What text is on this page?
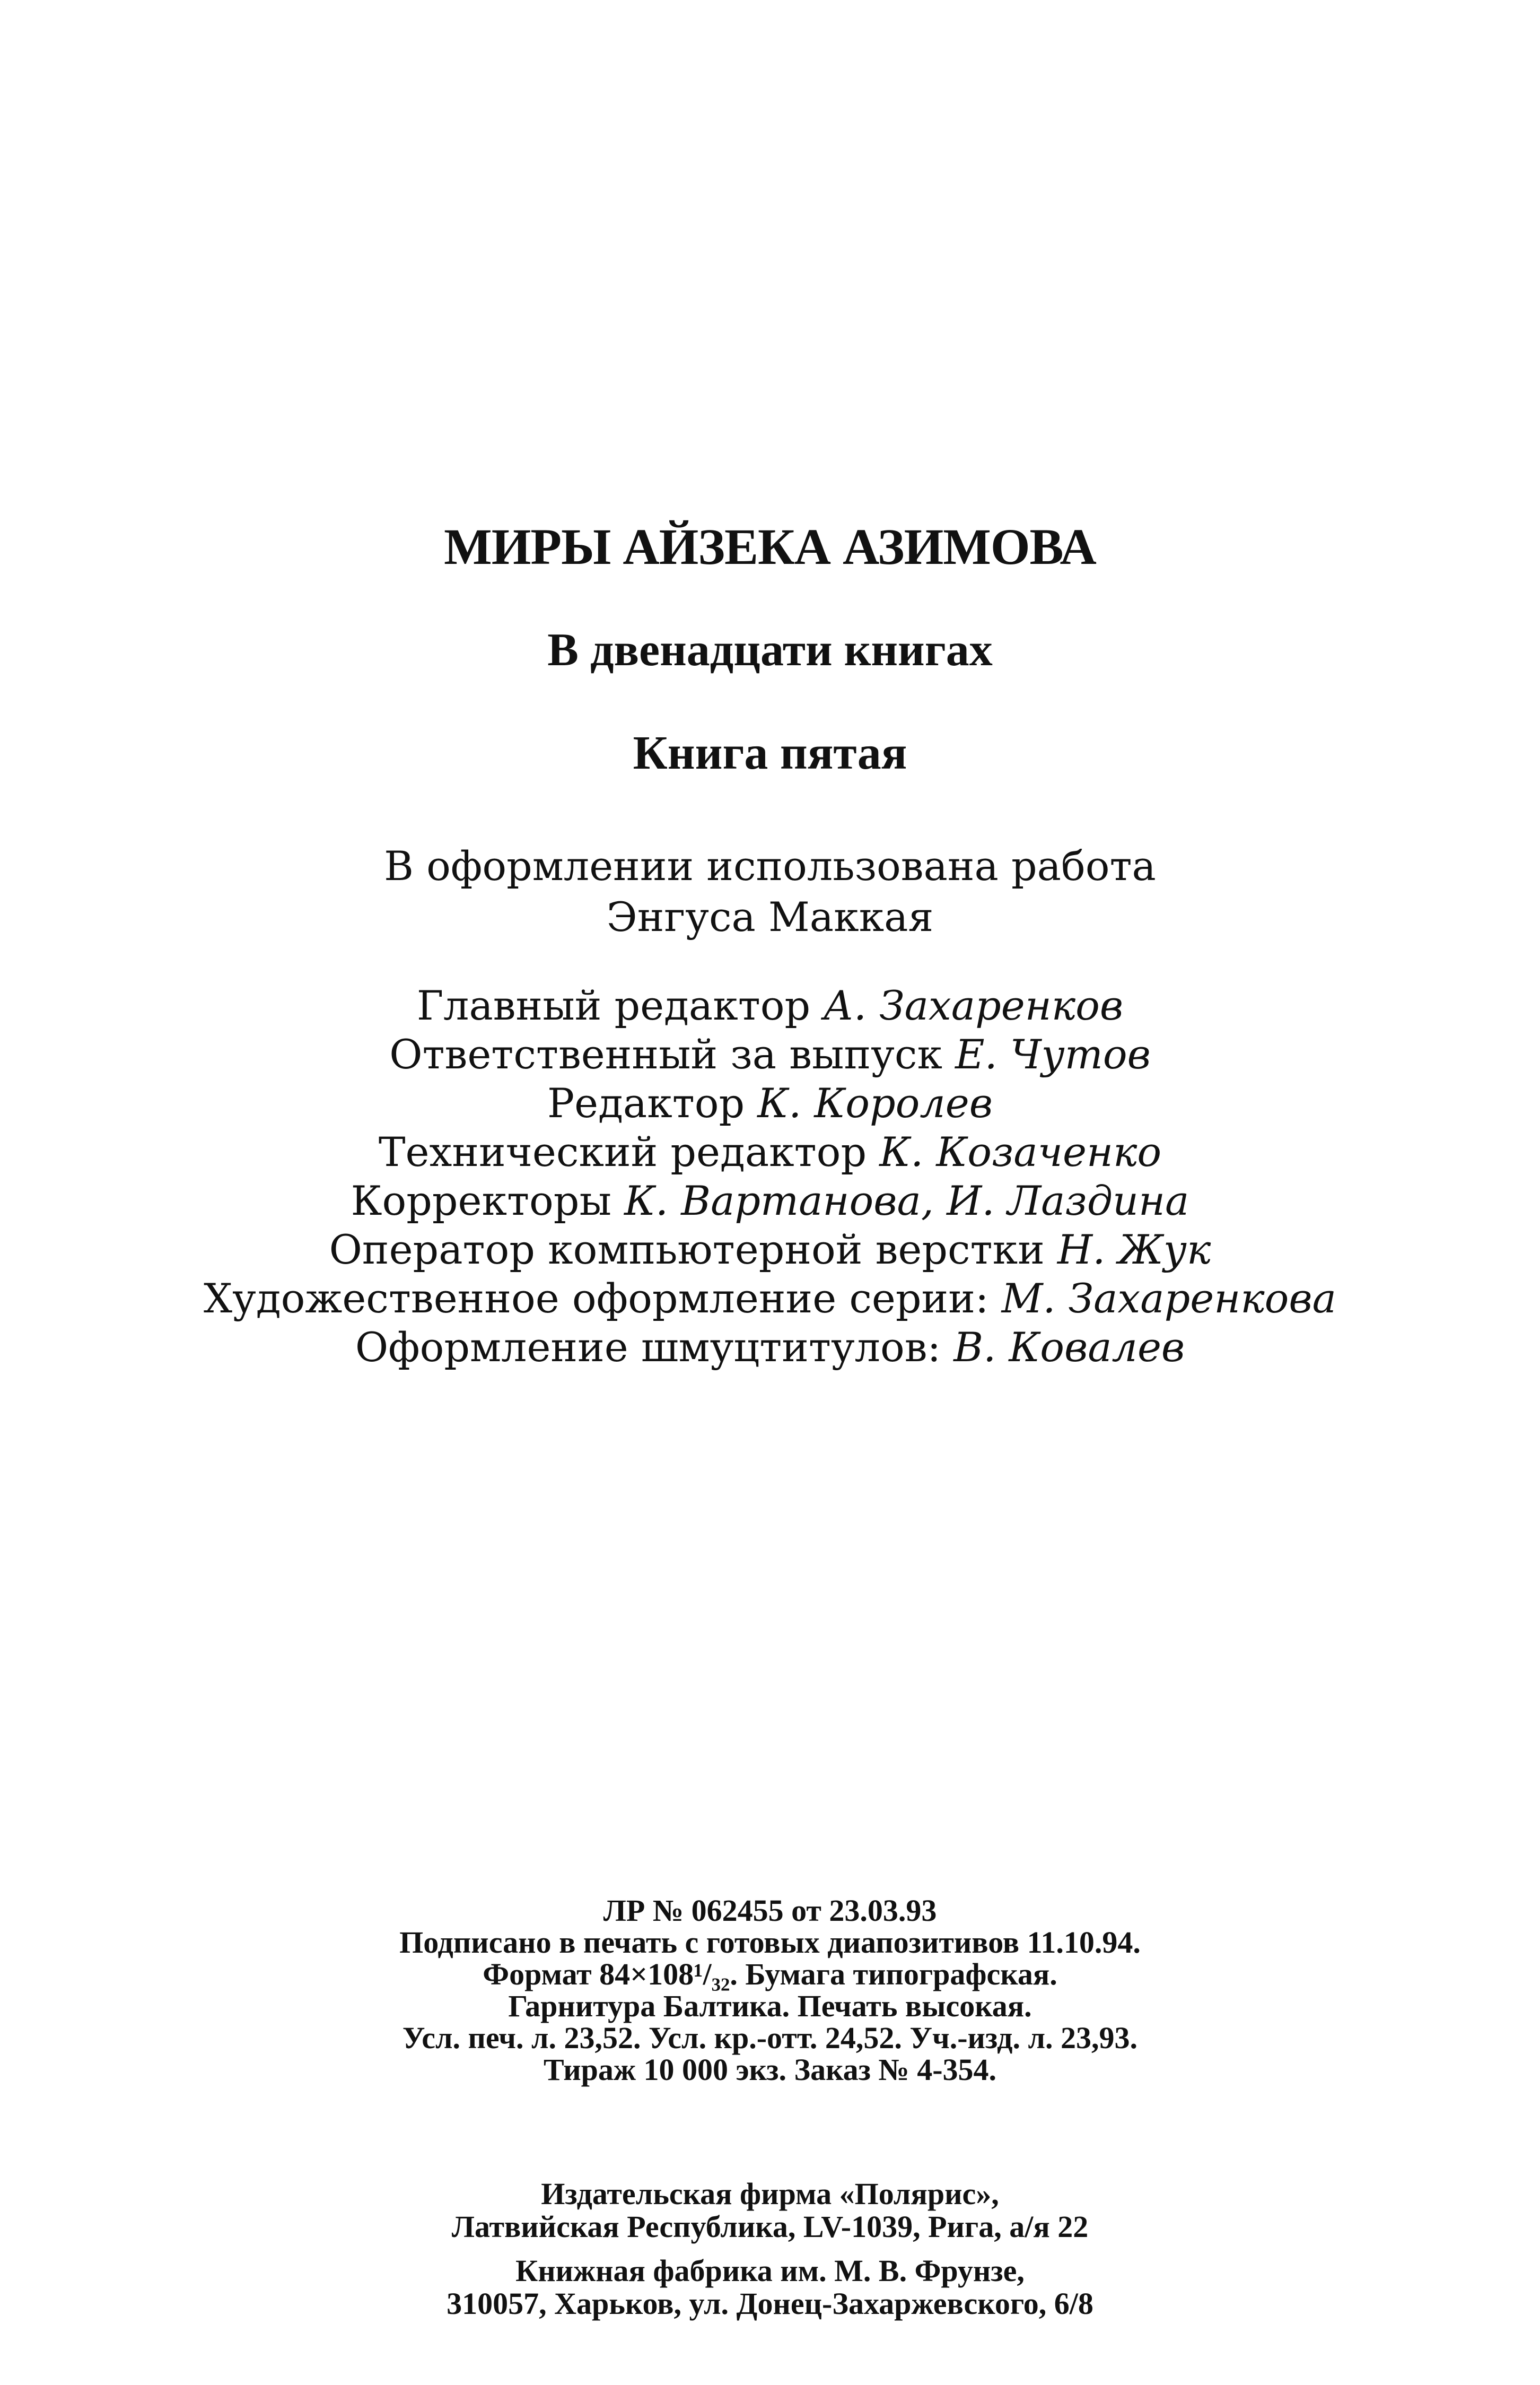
МИРЫ АЙЗЕКА АЗИМОВА
В двенадцати книгах
Книга пятая
В оформлении использована работа
Энгуса Маккая
Главный редактор А. Захаренков
Ответственный за выпуск Е. Чутов
Редактор К. Королев
Технический редактор К. Козаченко
Корректоры К. Вартанова, И. Лаздина
Оператор компьютерной верстки Н. Жук
Художественное оформление серии: М. Захаренкова
Оформление шмуцтитулов: В. Ковалев
ЛР № 062455 от 23.03.93
Подписано в печать с готовых диапозитивов 11.10.94.
Формат 84×108¹/₃₂. Бумага типографская.
Гарнитура Балтика. Печать высокая.
Усл. печ. л. 23,52. Усл. кр.-отт. 24,52. Уч.-изд. л. 23,93.
Тираж 10 000 экз. Заказ № 4-354.
Издательская фирма «Полярис»,
Латвийская Республика, LV-1039, Рига, а/я 22
Книжная фабрика им. М. В. Фрунзе,
310057, Харьков, ул. Донец-Захаржевского, 6/8
